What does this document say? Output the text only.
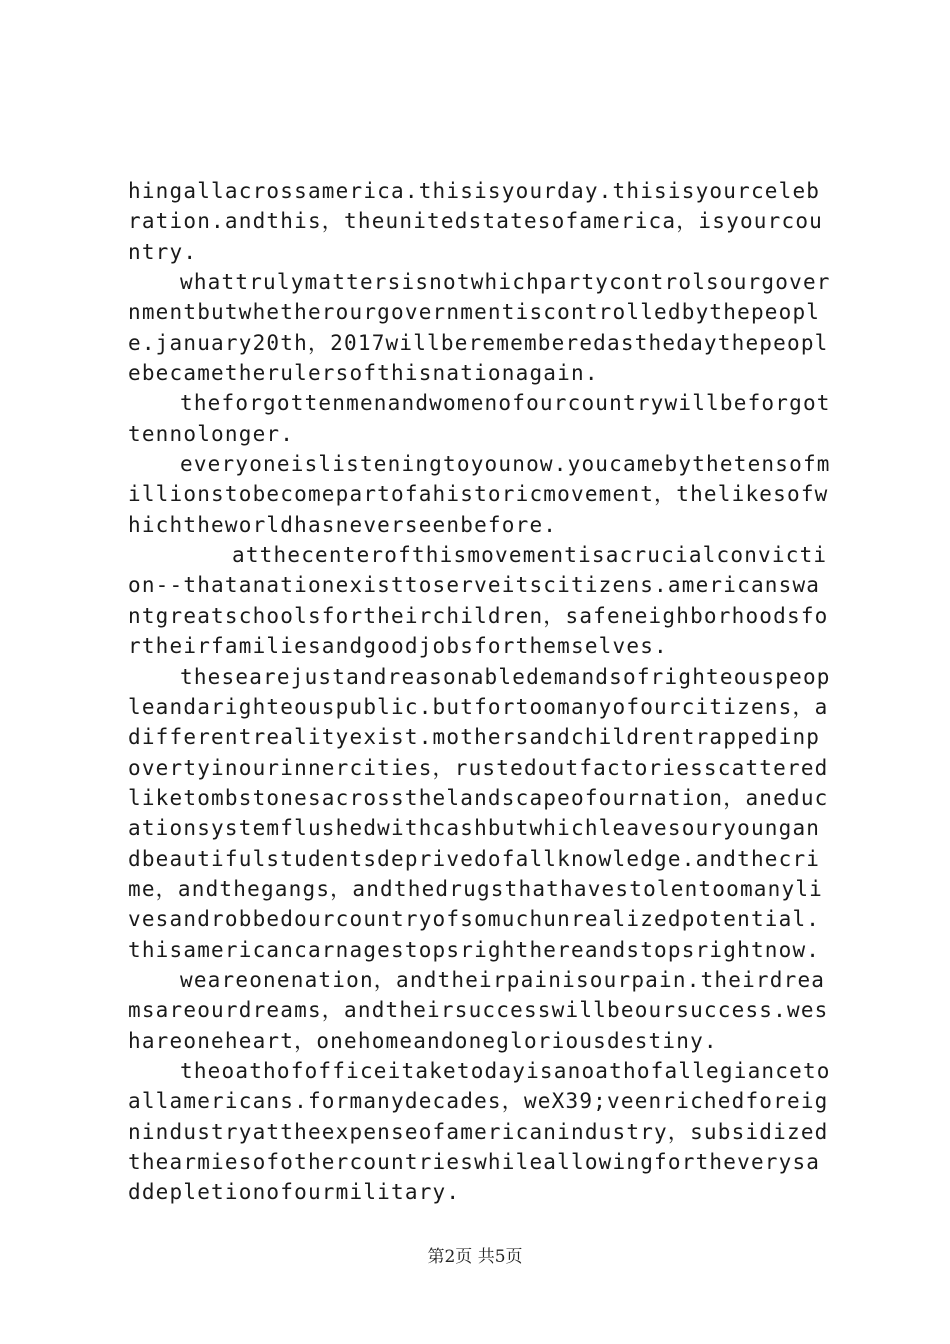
hingallacrossamerica.thisisyourday.thisisyourcelebration.andthis，theunitedstatesofamerica，isyourcountry.

whattrulymattersisnotwhichpartycontrolsourgovernmentbutwhetherourgovernmentiscontrolledbythepeople.january20th，2017willberememberedasthedaythepeoplebecametherulersofthisnationagain.

theforgottenmenandwomenofourcountrywillbeforgottennolonger.

everyoneislisteningtoyounow.youcamebythetensofmillionstobecomepartofahistoricmovement，thelikesofwhichtheworldhasneverseenbefore.

atthecenterofthismovementisacrucialconviction--thatanationexisttoserveitscitizens.americanswantgreatschoolsfortheirchildren，safeneighborhoodsfortheirfamiliesandgoodjobsforthemselves.

thesearejustandreasonabledemandsofrighteouspeopleandarighteouspublic.butfortoomanyofourcitizens，adifferentrealityexist.mothersandchildrentrappedinpovertyinourinnercities，rustedoutfactoriesscatteredliketombstonesacrossthelandscapeofournation，aneducationsystemflushedwithcashbutwhichleavesouryoungandbeautifulstudentsdeprivedofallknowledge.andthecrime，andthegangs，andthedrugsthathavestolentoomanylivesandrobbedourcountryofsomuchunrealizedpotential.thisamericancarnagestopsrighthereandstopsrightnow.

weareonenation，andtheirpainisourpain.theirdreamsareourdreams，andtheirsuccesswillbeoursuccess.weshareoneheart，onehomeandonegloriousdestiny.

theoathofofficeitaketodayisanoathofallegiancetoallamericans.formanydecades，weX39;veenrichedforeignindustryattheexpenseofamericanindustry，subsidizedthearmiesofothercountrieswhileallowingfortheverysaddepletionofourmilitary.

第2页 共5页
